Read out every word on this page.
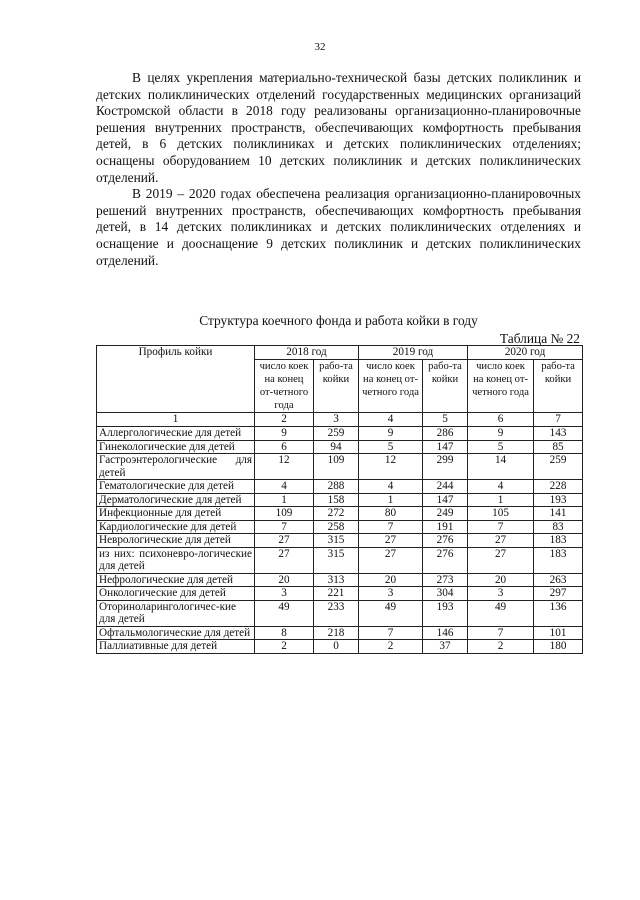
32

В целях укрепления материально-технической базы детских поликлиник и детских поликлинических отделений государственных медицинских организаций Костромской области в 2018 году реализованы организационно-планировочные решения внутренних пространств, обеспечивающих комфортность пребывания детей, в 6 детских поликлиниках и детских поликлинических отделениях; оснащены оборудованием 10 детских поликлиник и детских поликлинических отделений.

В 2019 – 2020 годах обеспечена реализация организационно-планировочных решений внутренних пространств, обеспечивающих комфортность пребывания детей, в 14 детских поликлиниках и детских поликлинических отделениях и оснащение и дооснащение 9 детских поликлиник и детских поликлинических отделений.

Структура коечного фонда и работа койки в году
Таблица № 22
Профиль койки	2018 год		2019 год		2020 год	
	число коек на конец от-четного года	рабо-та койки	число коек на конец от-четного года	рабо-та койки	число коек на конец от-четного года	рабо-та койки
1	2	3	4	5	6	7
Аллергологические для детей	9	259	9	286	9	143
Гинекологические для детей	6	94	5	147	5	85
Гастроэнтерологические для детей	12	109	12	299	14	259
Гематологические для детей	4	288	4	244	4	228
Дерматологические для детей	1	158	1	147	1	193
Инфекционные для детей	109	272	80	249	105	141
Кардиологические для детей	7	258	7	191	7	83
Неврологические для детей	27	315	27	276	27	183
из них: психоневро-логические для детей	27	315	27	276	27	183
Нефрологические для детей	20	313	20	273	20	263
Онкологические для детей	3	221	3	304	3	297
Оториноларингологичес-кие для детей	49	233	49	193	49	136
Офтальмологические для детей	8	218	7	146	7	101
Паллиативные для детей	2	0	2	37	2	180
